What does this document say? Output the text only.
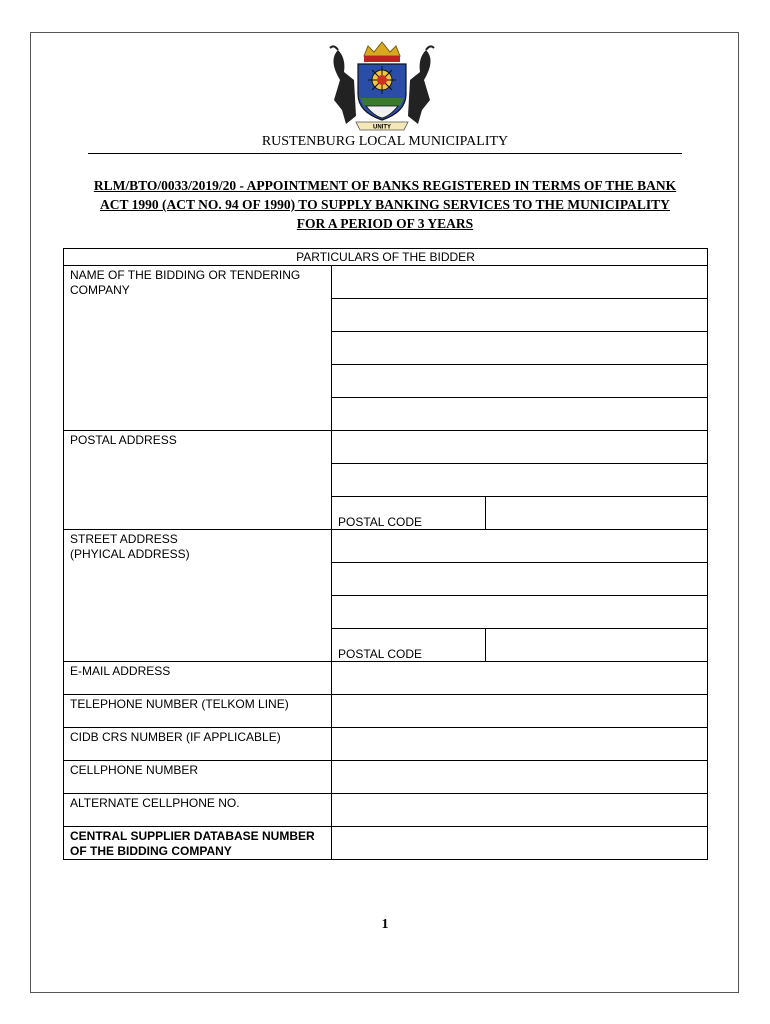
UNITY
RUSTENBURG LOCAL MUNICIPALITY
RLM/BTO/0033/2019/20 - APPOINTMENT OF BANKS REGISTERED IN TERMS OF THE BANK ACT 1990 (ACT NO. 94 OF 1990) TO SUPPLY BANKING SERVICES TO THE MUNICIPALITY FOR A PERIOD OF 3 YEARS
PARTICULARS OF THE BIDDER		
NAME OF THE BIDDING OR TENDERING COMPANY		

POSTAL ADDRESS		

	POSTAL CODE	
STREET ADDRESS
(PHYICAL ADDRESS)		

	POSTAL CODE	
E-MAIL ADDRESS		
TELEPHONE NUMBER (TELKOM LINE)		
CIDB CRS NUMBER (IF APPLICABLE)		
CELLPHONE NUMBER		
ALTERNATE CELLPHONE NO.		
CENTRAL SUPPLIER DATABASE NUMBER OF THE BIDDING COMPANY		
1
